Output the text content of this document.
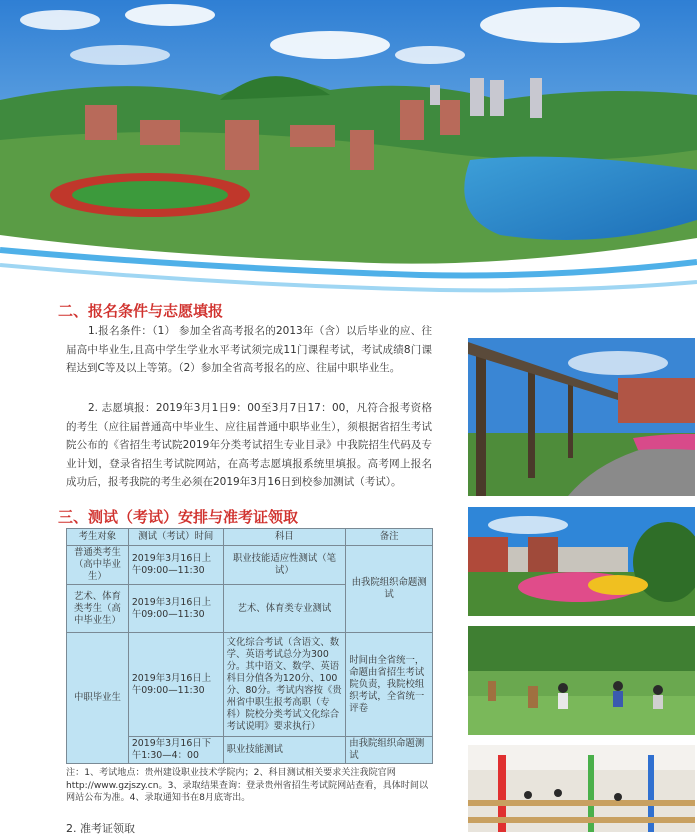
二、报名条件与志愿填报

1.报名条件：（1） 参加全省高考报名的2013年（含）以后毕业的应、往届高中毕业生,且高中学生学业水平考试须完成11门课程考试，考试成绩8门课程达到C等及以上等第。（2）参加全省高考报名的应、往届中职毕业生。

2. 志愿填报：2019年3月1日9：00至3月7日17：00，凡符合报考资格的考生（应往届普通高中毕业生、应往届普通中职毕业生），须根据省招生考试院公布的《省招生考试院2019年分类考试招生专业目录》中我院招生代码及专业计划，登录省招生考试院网站，在高考志愿填报系统里填报。高考网上报名成功后，报考我院的考生必须在2019年3月16日到校参加测试（考试）。

三、测试（考试）安排与准考证领取
考生对象	测试（考试）时间	科目	备注
普通类考生（高中毕业生）	2019年3月16日上午09:00—11:30	职业技能适应性测试（笔试）	由我院组织命题测试
艺术、体育类考生（高中毕业生）	2019年3月16日上午09:00—11:30	艺术、体育类专业测试	
中职毕业生	2019年3月16日上午09:00—11:30	文化综合考试（含语文、数学、英语考试总分为300分。其中语文、数学、英语科目分值各为120分、100分、80分。考试内容按《贵州省中职生报考高职（专科）院校分类考试文化综合考试说明》要求执行）	时间由全省统一，命题由省招生考试院负责，我院校组织考试，全省统一评卷
	2019年3月16日下午1:30—4：00	职业技能测试	由我院组织命题测试

注：1、考试地点：贵州建设职业技术学院内；2、科目测试相关要求关注我院官网http://www.gzjszy.cn。3、录取结果查询：登录贵州省招生考试院网站查看，具体时间以网站公布为准。4、录取通知书在8月底寄出。

2. 准考证领取
